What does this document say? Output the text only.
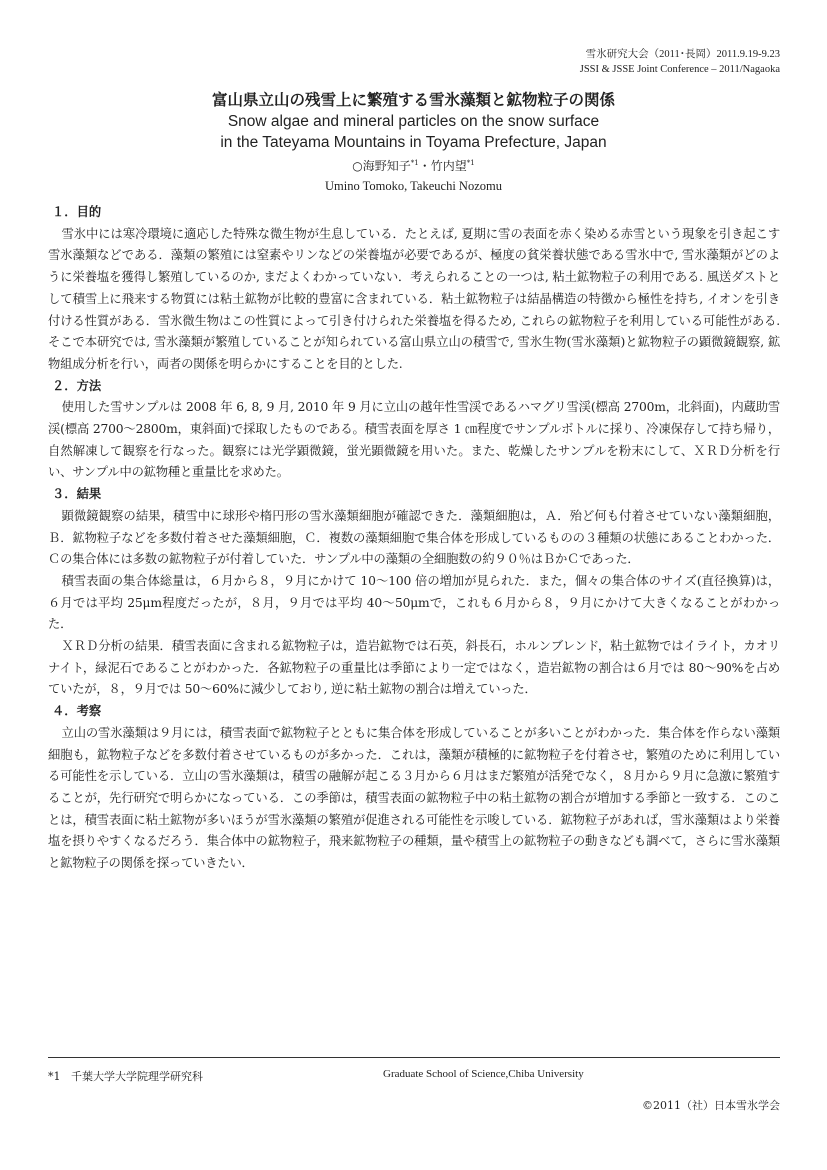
雪氷研究大会（2011･長岡）2011.9.19-9.23
JSSI & JSSE Joint Conference – 2011/Nagaoka
富山県立山の残雪上に繁殖する雪氷藻類と鉱物粒子の関係
Snow algae and mineral particles on the snow surface
in the Tateyama Mountains in Toyama Prefecture, Japan
○海野知子$^{*1}$・竹内望$^{*1}$
Umino Tomoko, Takeuchi Nozomu
１．目的

雪氷中には寒冷環境に適応した特殊な微生物が生息している．たとえば, 夏期に雪の表面を赤く染める赤雪という現象を引き起こす雪氷藻類などである．藻類の繁殖には窒素やリンなどの栄養塩が必要であるが、極度の貧栄養状態である雪氷中で, 雪氷藻類がどのように栄養塩を獲得し繁殖しているのか, まだよくわかっていない．考えられることの一つは, 粘土鉱物粒子の利用である. 風送ダストとして積雪上に飛来する物質には粘土鉱物が比較的豊富に含まれている．粘土鉱物粒子は結晶構造の特徴から極性を持ち, イオンを引き付ける性質がある．雪氷微生物はこの性質によって引き付けられた栄養塩を得るため, これらの鉱物粒子を利用している可能性がある. そこで本研究では, 雪氷藻類が繁殖していることが知られている富山県立山の積雪で, 雪氷生物(雪氷藻類)と鉱物粒子の顕微鏡観察, 鉱物組成分析を行い，両者の関係を明らかにすることを目的とした.

２．方法

使用した雪サンプルは 2008 年 6, 8, 9 月, 2010 年 9 月に立山の越年性雪渓であるハマグリ雪渓(標高 2700m，北斜面)，内蔵助雪渓(標高 2700～2800m，東斜面)で採取したものである。積雪表面を厚さ 1 ㎝程度でサンプルボトルに採り、冷凍保存して持ち帰り，自然解凍して観察を行なった。観察には光学顕微鏡，蛍光顕微鏡を用いた。また、乾燥したサンプルを粉末にして、ＸＲＤ分析を行い、サンプル中の鉱物種と重量比を求めた。

３．結果

顕微鏡観察の結果，積雪中に球形や楕円形の雪氷藻類細胞が確認できた．藻類細胞は，Ａ．殆ど何も付着させていない藻類細胞，Ｂ．鉱物粒子などを多数付着させた藻類細胞，Ｃ．複数の藻類細胞で集合体を形成しているものの３種類の状態にあることわかった．Ｃの集合体には多数の鉱物粒子が付着していた．サンプル中の藻類の全細胞数の約９０％はＢかＣであった．

積雪表面の集合体総量は，６月から８，９月にかけて 10～100 倍の増加が見られた．また，個々の集合体のサイズ(直径換算)は，６月では平均 25μm程度だったが，８月，９月では平均 40～50μmで，これも６月から８，９月にかけて大きくなることがわかった．

ＸＲＤ分析の結果．積雪表面に含まれる鉱物粒子は，造岩鉱物では石英，斜長石，ホルンブレンド，粘土鉱物ではイライト，カオリナイト，緑泥石であることがわかった．各鉱物粒子の重量比は季節により一定ではなく，造岩鉱物の割合は６月では 80～90%を占めていたが，８，９月では 50～60%に減少しており, 逆に粘土鉱物の割合は増えていった．

４．考察

立山の雪氷藻類は９月には，積雪表面で鉱物粒子とともに集合体を形成していることが多いことがわかった．集合体を作らない藻類細胞も，鉱物粒子などを多数付着させているものが多かった．これは，藻類が積極的に鉱物粒子を付着させ，繁殖のために利用している可能性を示している．立山の雪氷藻類は，積雪の融解が起こる３月から６月はまだ繁殖が活発でなく，８月から９月に急激に繁殖することが，先行研究で明らかになっている．この季節は，積雪表面の鉱物粒子中の粘土鉱物の割合が増加する季節と一致する．このことは，積雪表面に粘土鉱物が多いほうが雪氷藻類の繁殖が促進される可能性を示唆している．鉱物粒子があれば，雪氷藻類はより栄養塩を摂りやすくなるだろう．集合体中の鉱物粒子，飛来鉱物粒子の種類，量や積雪上の鉱物粒子の動きなども調べて，さらに雪氷藻類と鉱物粒子の関係を探っていきたい．

*1 千葉大学大学院理学研究科	Graduate School of Science,Chiba University
©2011（社）日本雪氷学会
